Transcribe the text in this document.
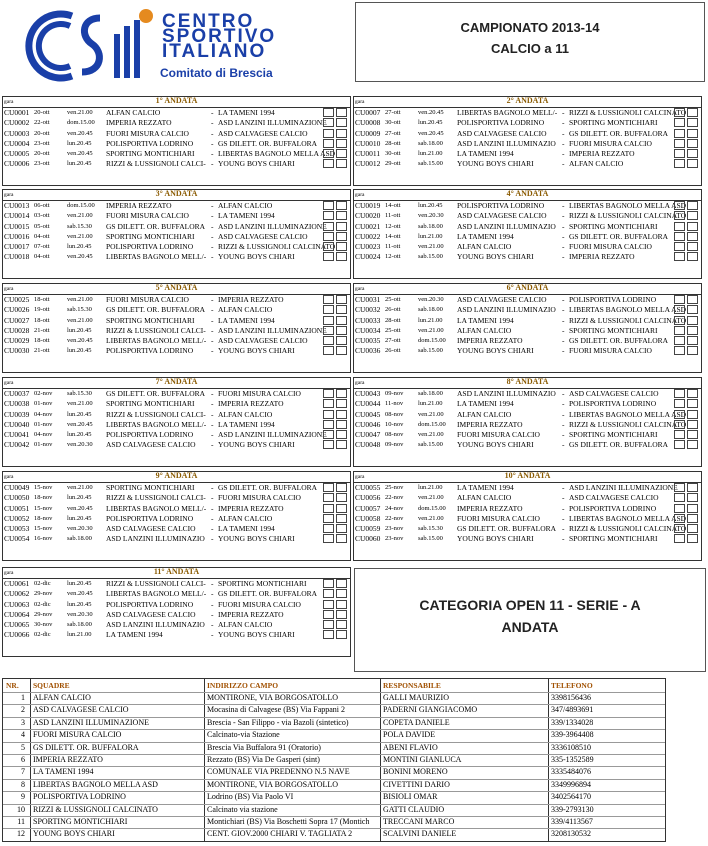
CENTRO
SPORTIVO
ITALIANO
Comitato di Brescia
CAMPIONATO 2013-14
CALCIO a 11
gara	1° ANDATA
CU0001 20-ott	ven.21.00 ALFAN CALCIO	- LA TAMENI 1994
CU0002 22-ott	dom.15.00 IMPERIA REZZATO	- ASD LANZINI ILLUMINAZIONE
CU0003 20-ott	ven.20.45 FUORI MISURA CALCIO	- ASD CALVAGESE CALCIO
CU0004 23-ott	lun.20.45 POLISPORTIVA LODRINO - GS DILETT. OR. BUFFALORA
CU0005 20-ott	ven.20.45 SPORTING MONTICHIARI - LIBERTAS BAGNOLO MELLA ASD
CU0006 23-ott	lun.20.45 RIZZI & LUSSIGNOLI CALCI- - YOUNG BOYS CHIARI
gara	2° ANDATA
CU0007 27-ott	ven.20.45 LIBERTAS BAGNOLO MELL/- - RIZZI & LUSSIGNOLI CALCINATO
CU0008 30-ott	lun.20.45 POLISPORTIVA LODRINO - SPORTING MONTICHIARI
CU0009 27-ott	ven.20.45 ASD CALVAGESE CALCIO - GS DILETT. OR. BUFFALORA
CU0010 28-ott	sab.18.00 ASD LANZINI ILLUMINAZIO - FUORI MISURA CALCIO
CU0011 30-ott	lun.21.00 LA TAMENI 1994	- IMPERIA REZZATO
CU0012 29-ott	sab.15.00 YOUNG BOYS CHIARI	- ALFAN CALCIO
gara	3° ANDATA
CU0013 06-ott	dom.15.00 IMPERIA REZZATO	- ALFAN CALCIO
CU0014 03-ott	ven.21.00 FUORI MISURA CALCIO	- LA TAMENI 1994
CU0015 05-ott	sab.15.30 GS DILETT. OR. BUFFALORA - ASD LANZINI ILLUMINAZIONE
CU0016 04-ott	ven.21.00 SPORTING MONTICHIARI - ASD CALVAGESE CALCIO
CU0017 07-ott	lun.20.45 POLISPORTIVA LODRINO - RIZZI & LUSSIGNOLI CALCINATO
CU0018 04-ott	ven.20.45 LIBERTAS BAGNOLO MELL/- - YOUNG BOYS CHIARI
gara	4° ANDATA
CU0019 14-ott	lun.20.45 POLISPORTIVA LODRINO - LIBERTAS BAGNOLO MELLA ASD
CU0020 11-ott	ven.20.30 ASD CALVAGESE CALCIO - RIZZI & LUSSIGNOLI CALCINATO
CU0021 12-ott	sab.18.00 ASD LANZINI ILLUMINAZIO - SPORTING MONTICHIARI
CU0022 14-ott	lun.21.00 LA TAMENI 1994	- GS DILETT. OR. BUFFALORA
CU0023 11-ott	ven.21.00 ALFAN CALCIO	- FUORI MISURA CALCIO
CU0024 12-ott	sab.15.00 YOUNG BOYS CHIARI	- IMPERIA REZZATO
gara	5° ANDATA
CU0025 18-ott	ven.21.00 FUORI MISURA CALCIO	- IMPERIA REZZATO
CU0026 19-ott	sab.15.30 GS DILETT. OR. BUFFALORA - ALFAN CALCIO
CU0027 18-ott	ven.21.00 SPORTING MONTICHIARI - LA TAMENI 1994
CU0028 21-ott	lun.20.45 RIZZI & LUSSIGNOLI CALCI- - ASD LANZINI ILLUMINAZIONE
CU0029 18-ott	ven.20.45 LIBERTAS BAGNOLO MELL/- - ASD CALVAGESE CALCIO
CU0030 21-ott	lun.20.45 POLISPORTIVA LODRINO - YOUNG BOYS CHIARI
gara	6° ANDATA
CU0031 25-ott	ven.20.30 ASD CALVAGESE CALCIO - POLISPORTIVA LODRINO
CU0032 26-ott	sab.18.00 ASD LANZINI ILLUMINAZIO - LIBERTAS BAGNOLO MELLA ASD
CU0033 28-ott	lun.21.00 LA TAMENI 1994	- RIZZI & LUSSIGNOLI CALCINATO
CU0034 25-ott	ven.21.00 ALFAN CALCIO	- SPORTING MONTICHIARI
CU0035 27-ott	dom.15.00 IMPERIA REZZATO	- GS DILETT. OR. BUFFALORA
CU0036 26-ott	sab.15.00 YOUNG BOYS CHIARI	- FUORI MISURA CALCIO
gara	7° ANDATA
CU0037 02-nov sab.15.30 GS DILETT. OR. BUFFALORA - FUORI MISURA CALCIO
CU0038 01-nov ven.21.00 SPORTING MONTICHIARI - IMPERIA REZZATO
CU0039 04-nov lun.20.45 RIZZI & LUSSIGNOLI CALCI- - ALFAN CALCIO
CU0040 01-nov ven.20.45 LIBERTAS BAGNOLO MELL/- - LA TAMENI 1994
CU0041 04-nov lun.20.45 POLISPORTIVA LODRINO - ASD LANZINI ILLUMINAZIONE
CU0042 01-nov ven.20.30 ASD CALVAGESE CALCIO - YOUNG BOYS CHIARI
gara	8° ANDATA
CU0043 09-nov sab.18.00 ASD LANZINI ILLUMINAZIO - ASD CALVAGESE CALCIO
CU0044 11-nov lun.21.00 LA TAMENI 1994	- POLISPORTIVA LODRINO
CU0045 08-nov ven.21.00 ALFAN CALCIO	- LIBERTAS BAGNOLO MELLA ASD
CU0046 10-nov dom.15.00 IMPERIA REZZATO	- RIZZI & LUSSIGNOLI CALCINATO
CU0047 08-nov ven.21.00 FUORI MISURA CALCIO	- SPORTING MONTICHIARI
CU0048 09-nov sab.15.00 YOUNG BOYS CHIARI	- GS DILETT. OR. BUFFALORA
gara	9° ANDATA
CU0049 15-nov ven.21.00 SPORTING MONTICHIARI - GS DILETT. OR. BUFFALORA
CU0050 18-nov lun.20.45 RIZZI & LUSSIGNOLI CALCI- - FUORI MISURA CALCIO
CU0051 15-nov ven.20.45 LIBERTAS BAGNOLO MELL/- - IMPERIA REZZATO
CU0052 18-nov lun.20.45 POLISPORTIVA LODRINO - ALFAN CALCIO
CU0053 15-nov ven.20.30 ASD CALVAGESE CALCIO - LA TAMENI 1994
CU0054 16-nov sab.18.00 ASD LANZINI ILLUMINAZIO - YOUNG BOYS CHIARI
gara	10° ANDATA
CU0055 25-nov lun.21.00 LA TAMENI 1994	- ASD LANZINI ILLUMINAZIONE
CU0056 22-nov ven.21.00 ALFAN CALCIO	- ASD CALVAGESE CALCIO
CU0057 24-nov dom.15.00 IMPERIA REZZATO	- POLISPORTIVA LODRINO
CU0058 22-nov ven.21.00 FUORI MISURA CALCIO	- LIBERTAS BAGNOLO MELLA ASD
CU0059 23-nov sab.15.30 GS DILETT. OR. BUFFALORA - RIZZI & LUSSIGNOLI CALCINATO
CU0060 23-nov sab.15.00 YOUNG BOYS CHIARI	- SPORTING MONTICHIARI
gara	11° ANDATA
CU0061 02-dic	lun.20.45 RIZZI & LUSSIGNOLI CALCI- - SPORTING MONTICHIARI
CU0062 29-nov ven.20.45 LIBERTAS BAGNOLO MELL/- - GS DILETT. OR. BUFFALORA
CU0063 02-dic	lun.20.45 POLISPORTIVA LODRINO - FUORI MISURA CALCIO
CU0064 29-nov ven.20.30 ASD CALVAGESE CALCIO - IMPERIA REZZATO
CU0065 30-nov sab.18.00 ASD LANZINI ILLUMINAZIO - ALFAN CALCIO
CU0066 02-dic	lun.21.00 LA TAMENI 1994	- YOUNG BOYS CHIARI
CATEGORIA OPEN 11 - SERIE - A
ANDATA
NR. SQUADRE	INDIRIZZO CAMPO	RESPONSABILE	TELEFONO
1 ALFAN CALCIO	MONTIRONE, VIA BORGOSATOLLO	GALLI MAURIZIO	3398156436
2 ASD CALVAGESE CALCIO	Mocasina di Calvagese (BS) Via Fappani 2	PADERNI GIANGIACOMO	347/4893691
3 ASD LANZINI ILLUMINAZIONE	Brescia - San Filippo - via Bazoli (sintetico)	COPETA DANIELE	339/1334028
4 FUORI MISURA CALCIO	Calcinato-via Stazione	POLA DAVIDE	339-3964408
5 GS DILETT. OR. BUFFALORA	Brescia Via Buffalora 91 (Oratorio)	ABENI FLAVIO	3336108510
6 IMPERIA REZZATO	Rezzato (BS) Via De Gasperi (sint)	MONTINI GIANLUCA	335-1352589
7 LA TAMENI 1994	COMUNALE VIA PREDENNO N.5 NAVE	BONINI MORENO	3335484076
8 LIBERTAS BAGNOLO MELLA ASD	MONTIRONE, VIA BORGOSATOLLO	CIVETTINI DARIO	3349996894
9 POLISPORTIVA LODRINO	Lodrino (BS) Via Paolo VI	BISIOLI OMAR	3402564170
10 RIZZI & LUSSIGNOLI CALCINATO	Calcinato via stazione	GATTI CLAUDIO	339-2793130
11 SPORTING MONTICHIARI	Montichiari (BS) Via Boschetti Sopra 17 (Montich TRECCANI MARCO	339/4113567
12 YOUNG BOYS CHIARI	CENT. GIOV.2000 CHIARI V. TAGLIATA 2	SCALVINI DANIELE	3208130532
